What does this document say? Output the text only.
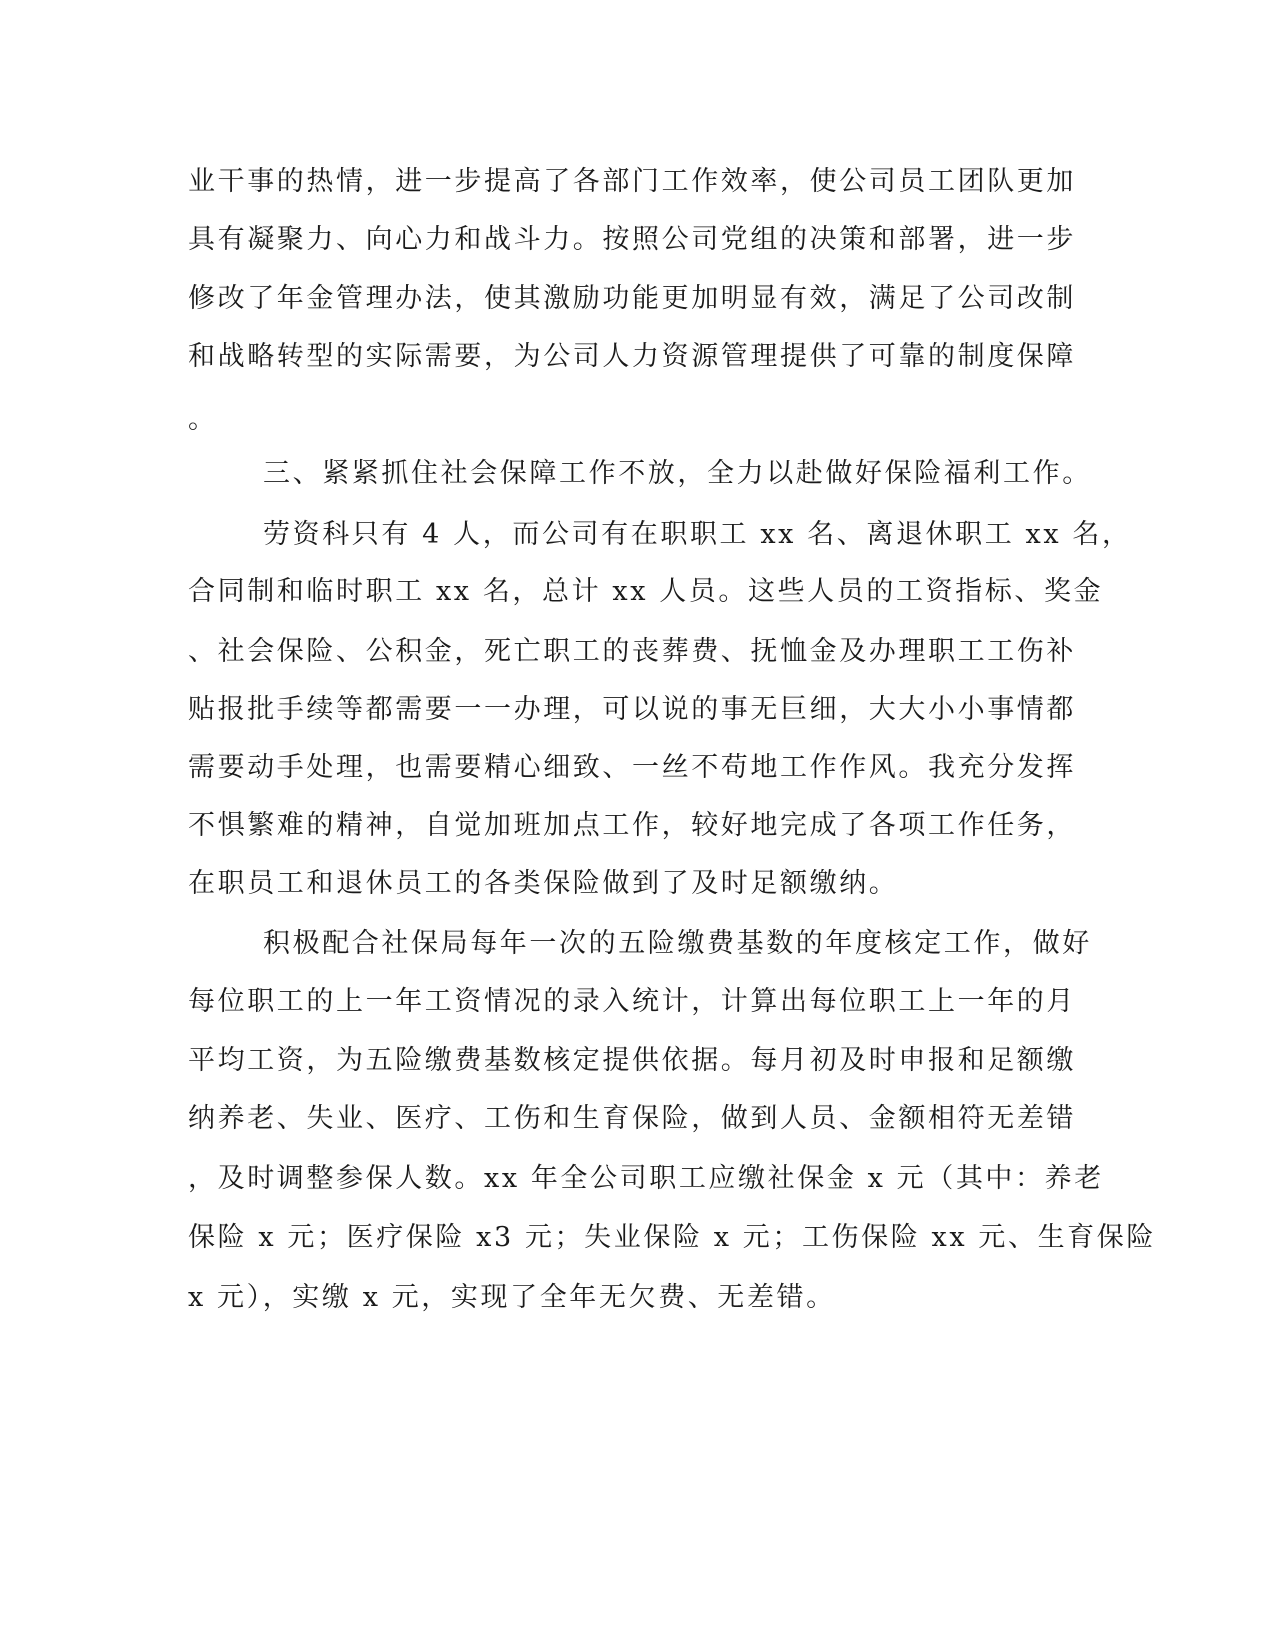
业干事的热情，进一步提高了各部门工作效率，使公司员工团队更加
具有凝聚力、向心力和战斗力。按照公司党组的决策和部署，进一步
修改了年金管理办法，使其激励功能更加明显有效，满足了公司改制
和战略转型的实际需要，为公司人力资源管理提供了可靠的制度保障
。
三、紧紧抓住社会保障工作不放，全力以赴做好保险福利工作。
劳资科只有 4 人，而公司有在职职工 xx 名、离退休职工 xx 名，
合同制和临时职工 xx 名，总计 xx 人员。这些人员的工资指标、奖金
、社会保险、公积金，死亡职工的丧葬费、抚恤金及办理职工工伤补
贴报批手续等都需要一一办理，可以说的事无巨细，大大小小事情都
需要动手处理，也需要精心细致、一丝不苟地工作作风。我充分发挥
不惧繁难的精神，自觉加班加点工作，较好地完成了各项工作任务，
在职员工和退休员工的各类保险做到了及时足额缴纳。
积极配合社保局每年一次的五险缴费基数的年度核定工作，做好
每位职工的上一年工资情况的录入统计，计算出每位职工上一年的月
平均工资，为五险缴费基数核定提供依据。每月初及时申报和足额缴
纳养老、失业、医疗、工伤和生育保险，做到人员、金额相符无差错
，及时调整参保人数。xx 年全公司职工应缴社保金 x 元（其中：养老
保险 x 元；医疗保险 x3 元；失业保险 x 元；工伤保险 xx 元、生育保险
x 元），实缴 x 元，实现了全年无欠费、无差错。
